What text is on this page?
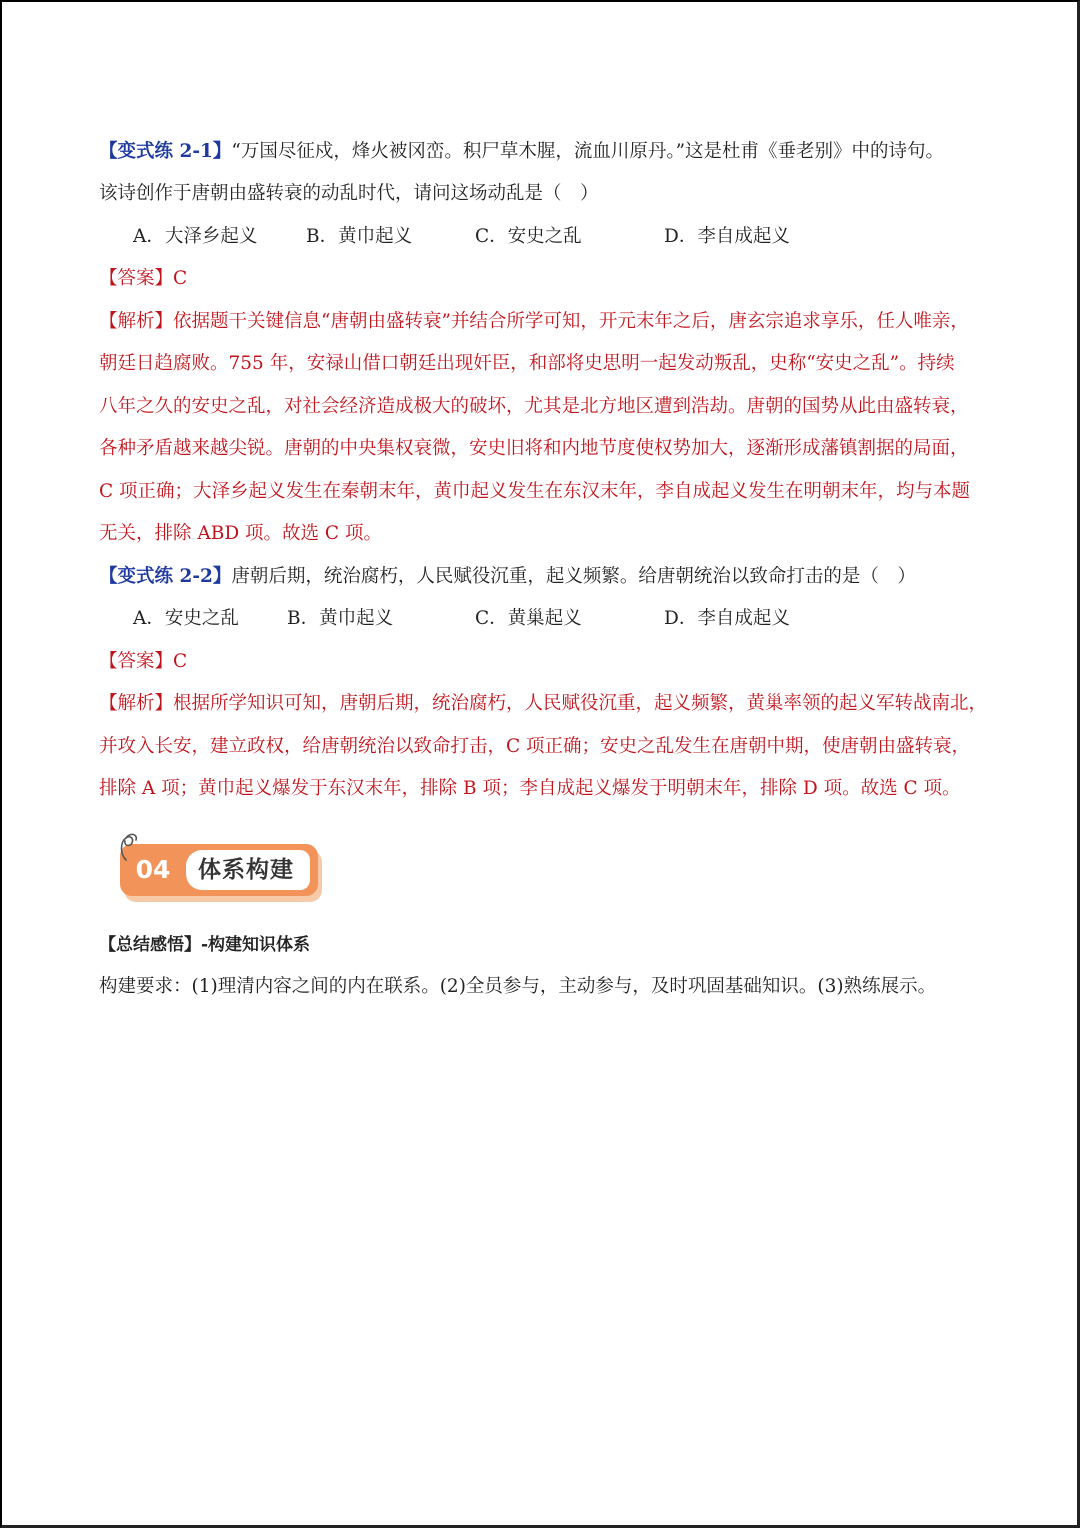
【变式练 2-1】“万国尽征戍，烽火被冈峦。积尸草木腥，流血川原丹。”这是杜甫《垂老别》中的诗句。
该诗创作于唐朝由盛转衰的动乱时代，请问这场动乱是（　）
A．大泽乡起义	B．黄巾起义	C．安史之乱	D．李自成起义
【答案】C
【解析】依据题干关键信息“唐朝由盛转衰”并结合所学可知，开元末年之后，唐玄宗追求享乐，任人唯亲，
朝廷日趋腐败。755 年，安禄山借口朝廷出现奸臣，和部将史思明一起发动叛乱，史称“安史之乱”。持续
八年之久的安史之乱，对社会经济造成极大的破坏，尤其是北方地区遭到浩劫。唐朝的国势从此由盛转衰，
各种矛盾越来越尖锐。唐朝的中央集权衰微，安史旧将和内地节度使权势加大，逐渐形成藩镇割据的局面，
C 项正确；大泽乡起义发生在秦朝末年，黄巾起义发生在东汉末年，李自成起义发生在明朝末年，均与本题
无关，排除 ABD 项。故选 C 项。
【变式练 2-2】唐朝后期，统治腐朽，人民赋役沉重，起义频繁。给唐朝统治以致命打击的是（　）
A．安史之乱	B．黄巾起义	C．黄巢起义	D．李自成起义
【答案】C
【解析】根据所学知识可知，唐朝后期，统治腐朽，人民赋役沉重，起义频繁，黄巢率领的起义军转战南北，
并攻入长安，建立政权，给唐朝统治以致命打击，C 项正确；安史之乱发生在唐朝中期，使唐朝由盛转衰，
排除 A 项；黄巾起义爆发于东汉末年，排除 B 项；李自成起义爆发于明朝末年，排除 D 项。故选 C 项。
04	体系构建
【总结感悟】-构建知识体系
构建要求：(1)理清内容之间的内在联系。(2)全员参与，主动参与，及时巩固基础知识。(3)熟练展示。
